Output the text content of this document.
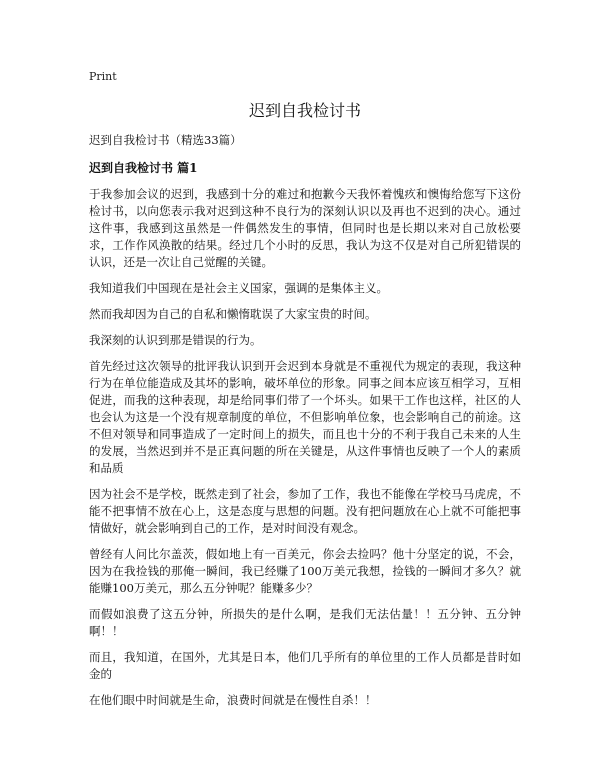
Print
迟到自我检讨书
迟到自我检讨书（精选33篇）
迟到自我检讨书 篇1

于我参加会议的迟到，我感到十分的难过和抱歉今天我怀着愧疚和懊悔给您写下这份检讨书，以向您表示我对迟到这种不良行为的深刻认识以及再也不迟到的决心。通过这件事，我感到这虽然是一件偶然发生的事情，但同时也是长期以来对自己放松要求，工作作风涣散的结果。经过几个小时的反思，我认为这不仅是对自己所犯错误的认识，还是一次让自己觉醒的关键。

我知道我们中国现在是社会主义国家，强调的是集体主义。

然而我却因为自己的自私和懒惰耽误了大家宝贵的时间。

我深刻的认识到那是错误的行为。

首先经过这次领导的批评我认识到开会迟到本身就是不重视代为规定的表现，我这种行为在单位能造成及其坏的影响，破坏单位的形象。同事之间本应该互相学习，互相促进，而我的这种表现，却是给同事们带了一个坏头。如果干工作也这样，社区的人也会认为这是一个没有规章制度的单位，不但影响单位象，也会影响自己的前途。这不但对领导和同事造成了一定时间上的损失，而且也十分的不利于我自己未来的人生的发展，当然迟到并不是正真问题的所在关键是，从这件事情也反映了一个人的素质和品质

因为社会不是学校，既然走到了社会，参加了工作，我也不能像在学校马马虎虎，不能不把事情不放在心上，这是态度与思想的问题。没有把问题放在心上就不可能把事情做好，就会影响到自己的工作，是对时间没有观念。

曾经有人问比尔盖茨，假如地上有一百美元，你会去捡吗？他十分坚定的说，不会，因为在我捡钱的那俺一瞬间，我已经赚了100万美元我想，捡钱的一瞬间才多久？就能赚100万美元，那么五分钟呢？能赚多少？

而假如浪费了这五分钟，所损失的是什么啊，是我们无法估量！！五分钟、五分钟啊！！

而且，我知道，在国外，尤其是日本，他们几乎所有的单位里的工作人员都是昔时如金的

在他们眼中时间就是生命，浪费时间就是在慢性自杀！！
